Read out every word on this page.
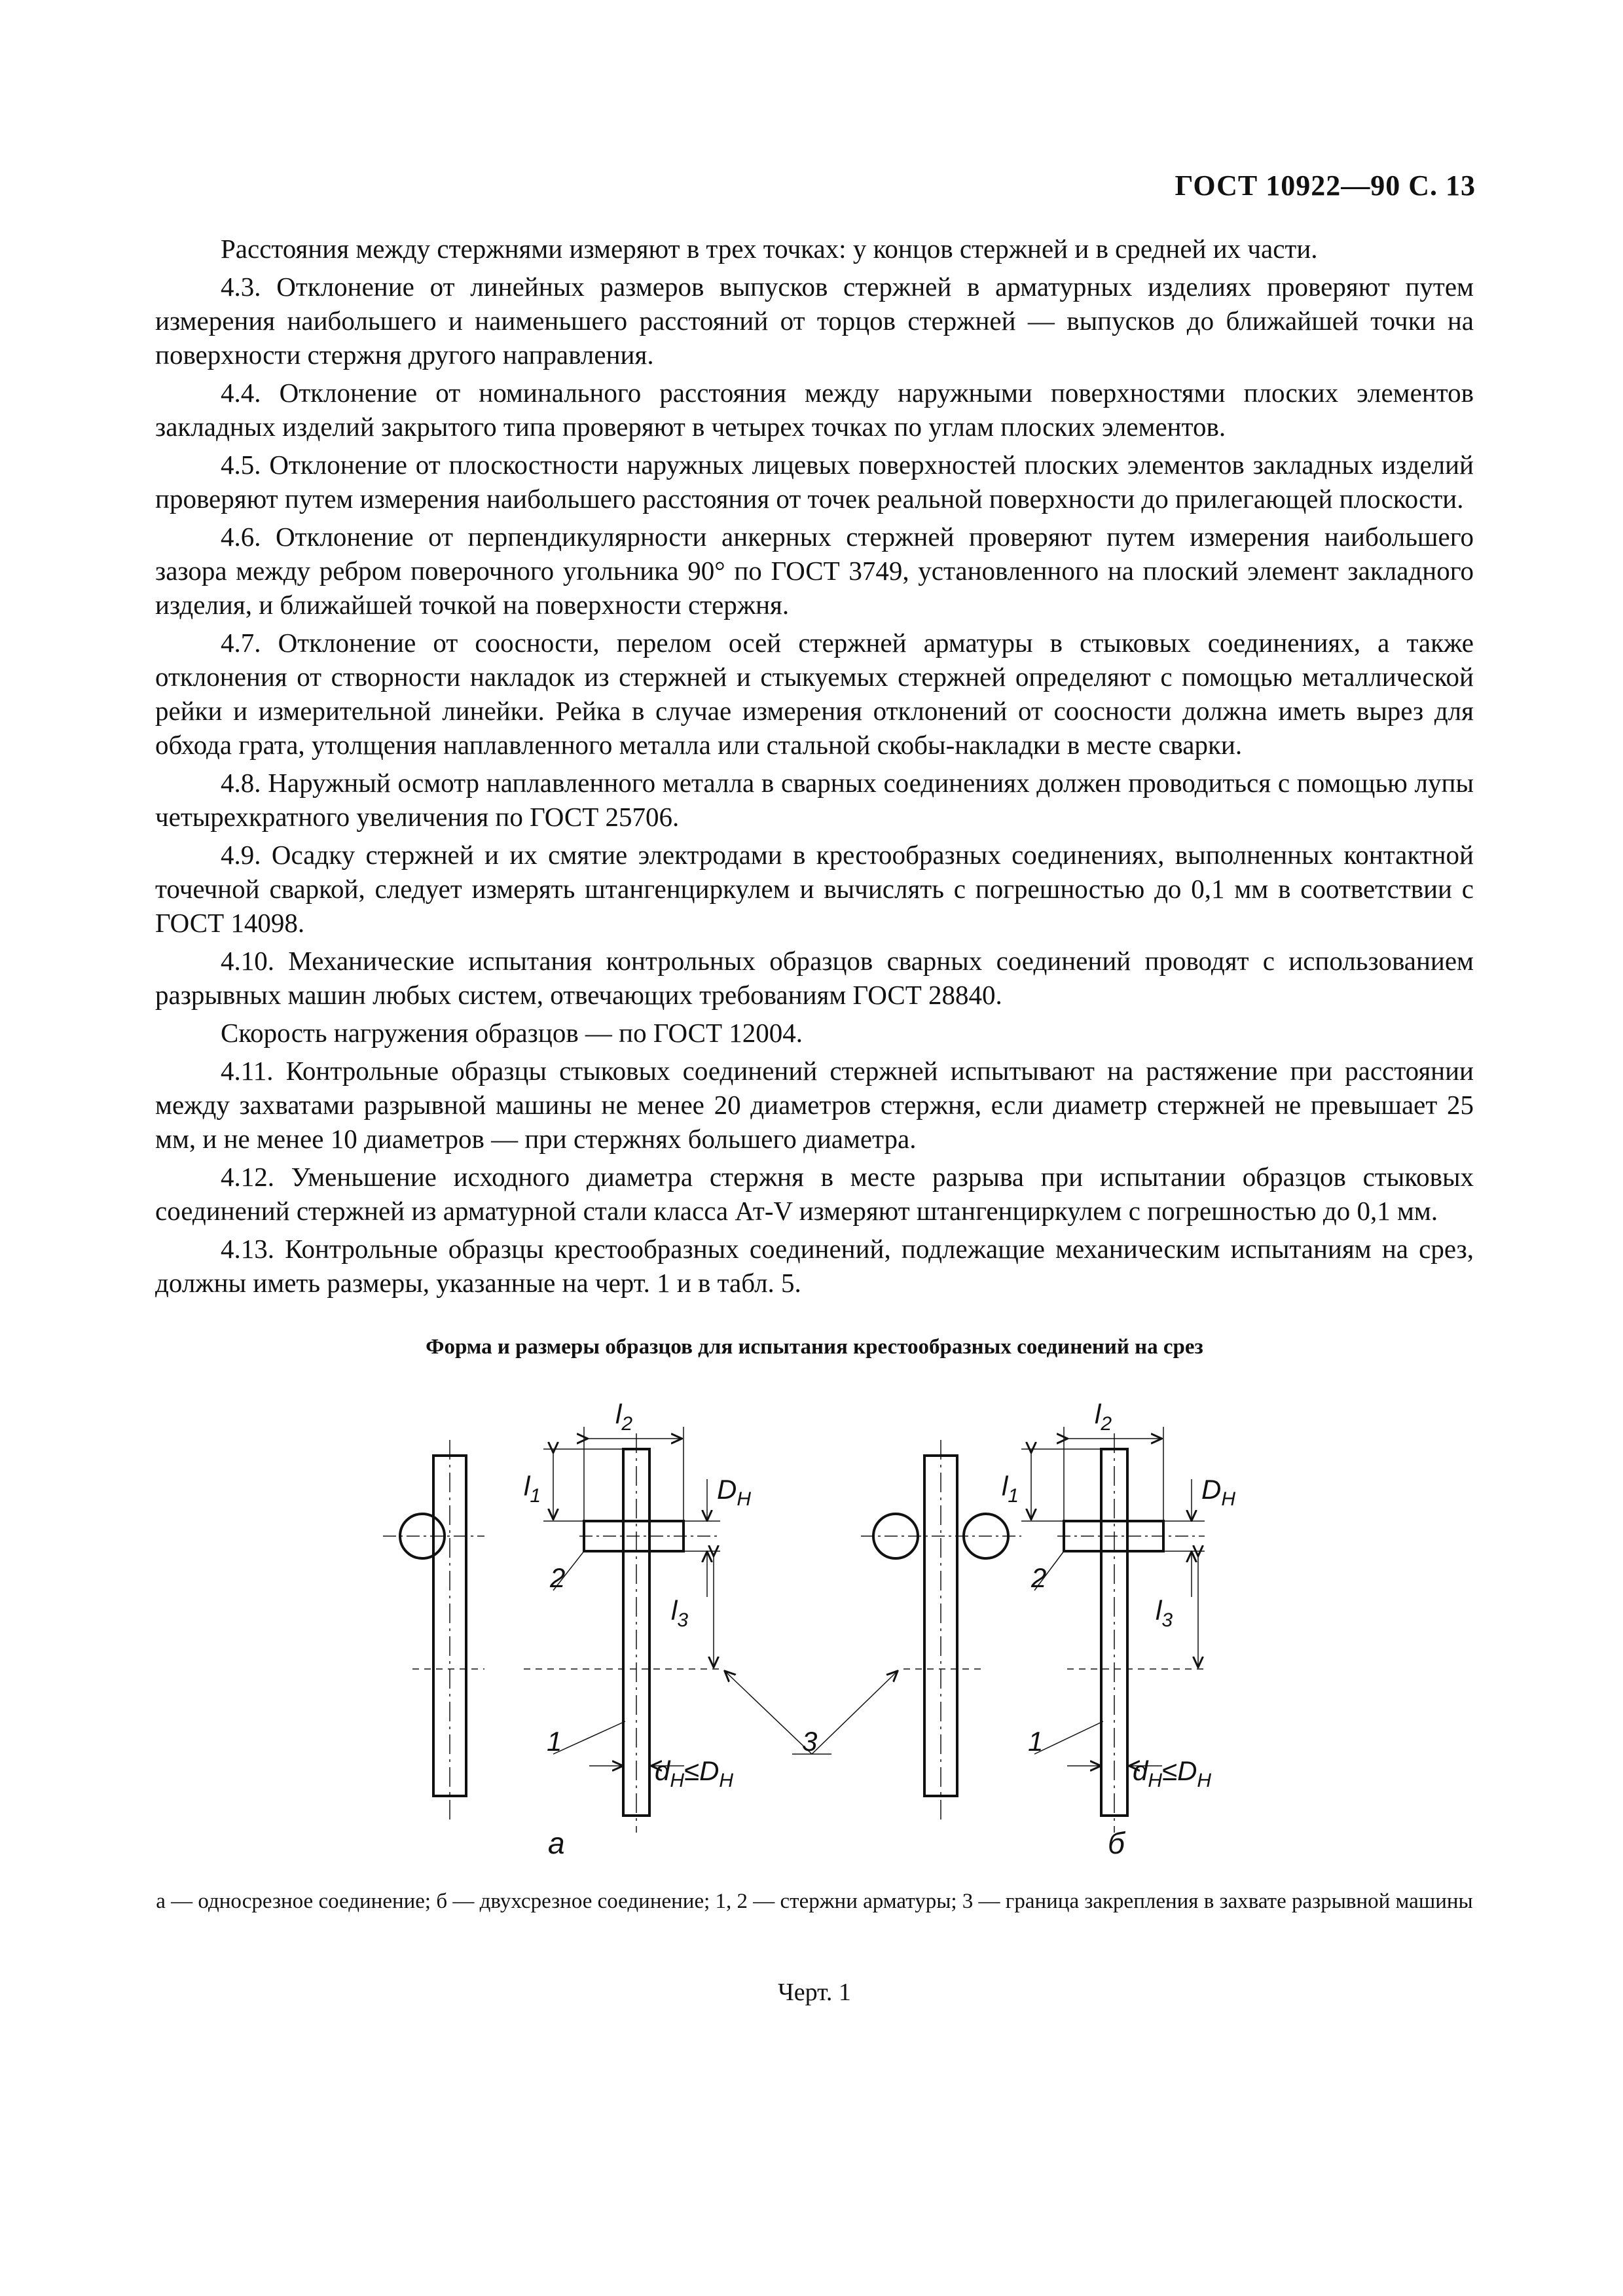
ГОСТ 10922—90 С. 13

Расстояния между стержнями измеряют в трех точках: у концов стержней и в средней их части.

4.3. Отклонение от линейных размеров выпусков стержней в арматурных изделиях проверяют путем измерения наибольшего и наименьшего расстояний от торцов стержней — выпусков до ближайшей точки на поверхности стержня другого направления.

4.4. Отклонение от номинального расстояния между наружными поверхностями плоских элементов закладных изделий закрытого типа проверяют в четырех точках по углам плоских элементов.

4.5. Отклонение от плоскостности наружных лицевых поверхностей плоских элементов закладных изделий проверяют путем измерения наибольшего расстояния от точек реальной поверхности до прилегающей плоскости.

4.6. Отклонение от перпендикулярности анкерных стержней проверяют путем измерения наибольшего зазора между ребром поверочного угольника 90° по ГОСТ 3749, установленного на плоский элемент закладного изделия, и ближайшей точкой на поверхности стержня.

4.7. Отклонение от соосности, перелом осей стержней арматуры в стыковых соединениях, а также отклонения от створности накладок из стержней и стыкуемых стержней определяют с помощью металлической рейки и измерительной линейки. Рейка в случае измерения отклонений от соосности должна иметь вырез для обхода грата, утолщения наплавленного металла или стальной скобы-накладки в месте сварки.

4.8. Наружный осмотр наплавленного металла в сварных соединениях должен проводиться с помощью лупы четырехкратного увеличения по ГОСТ 25706.

4.9. Осадку стержней и их смятие электродами в крестообразных соединениях, выполненных контактной точечной сваркой, следует измерять штангенциркулем и вычислять с погрешностью до 0,1 мм в соответствии с ГОСТ 14098.

4.10. Механические испытания контрольных образцов сварных соединений проводят с использованием разрывных машин любых систем, отвечающих требованиям ГОСТ 28840.

Скорость нагружения образцов — по ГОСТ 12004.

4.11. Контрольные образцы стыковых соединений стержней испытывают на растяжение при расстоянии между захватами разрывной машины не менее 20 диаметров стержня, если диаметр стержней не превышает 25 мм, и не менее 10 диаметров — при стержнях большего диаметра.

4.12. Уменьшение исходного диаметра стержня в месте разрыва при испытании образцов стыковых соединений стержней из арматурной стали класса Ат-V измеряют штангенциркулем с погрешностью до 0,1 мм.

4.13. Контрольные образцы крестообразных соединений, подлежащие механическим испытаниям на срез, должны иметь размеры, указанные на черт. 1 и в табл. 5.

Форма и размеры образцов для испытания крестообразных соединений на срез
$l_2$	$l_2$
$l_1$	$l_1$
$D_H$	$D_H$
$l_3$	$l_3$
2	2
1	1
3
$d_H\le D_H$	$d_H\le D_H$
а	б
а — односрезное соединение; б — двухсрезное соединение; 1, 2 — стержни арматуры; 3 — граница закрепления в захвате разрывной машины
Черт. 1
